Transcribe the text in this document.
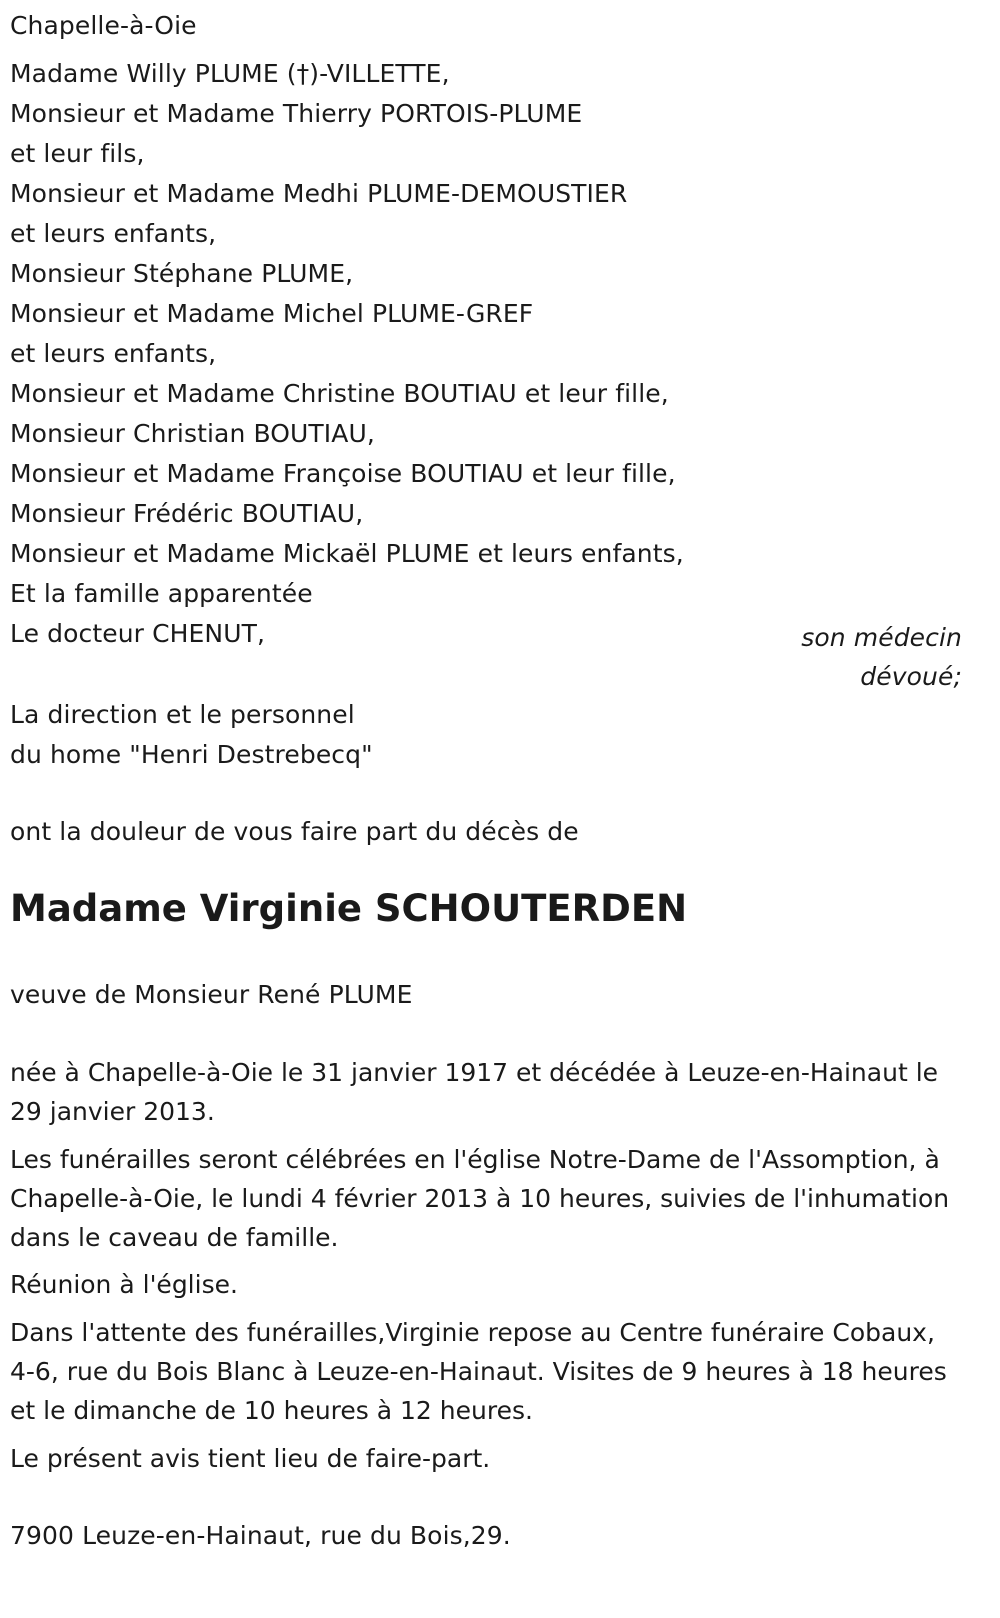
Chapelle-à-Oie
Madame Willy PLUME (†)-VILLETTE,
Monsieur et Madame Thierry PORTOIS-PLUME
et leur fils,
Monsieur et Madame Medhi PLUME-DEMOUSTIER
et leurs enfants,
Monsieur Stéphane PLUME,
Monsieur et Madame Michel PLUME-GREF
et leurs enfants,
Monsieur et Madame Christine BOUTIAU et leur fille,
Monsieur Christian BOUTIAU,
Monsieur et Madame Françoise BOUTIAU et leur fille,
Monsieur Frédéric BOUTIAU,
Monsieur et Madame Mickaël PLUME et leurs enfants,
Et la famille apparentée
Le docteur CHENUT,	son médecin
dévoué;
La direction et le personnel
du home "Henri Destrebecq"
ont la douleur de vous faire part du décès de
Madame Virginie SCHOUTERDEN
veuve de Monsieur René PLUME
née à Chapelle-à-Oie le 31 janvier 1917 et décédée à Leuze-en-Hainaut le 29 janvier 2013.
Les funérailles seront célébrées en l'église Notre-Dame de l'Assomption, à Chapelle-à-Oie, le lundi 4 février 2013 à 10 heures, suivies de l'inhumation dans le caveau de famille.
Réunion à l'église.
Dans l'attente des funérailles,Virginie repose au Centre funéraire Cobaux, 4-6, rue du Bois Blanc à Leuze-en-Hainaut. Visites de 9 heures à 18 heures et le dimanche de 10 heures à 12 heures.
Le présent avis tient lieu de faire-part.
7900 Leuze-en-Hainaut, rue du Bois,29.
